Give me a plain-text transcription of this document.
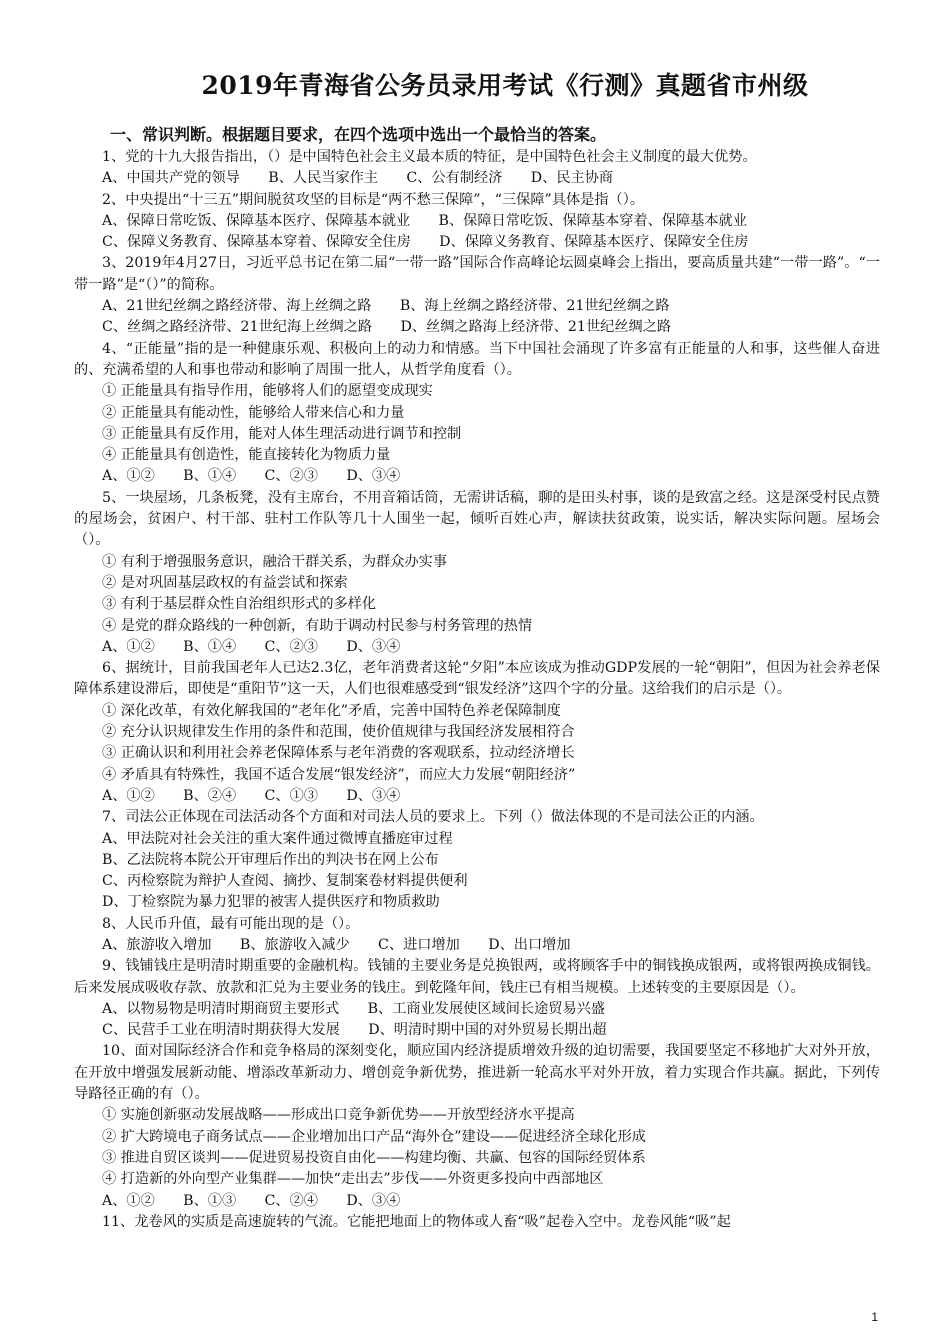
2019年青海省公务员录用考试《行测》真题省市州级
一、常识判断。根据题目要求，在四个选项中选出一个最恰当的答案。
1、党的十九大报告指出，（）是中国特色社会主义最本质的特征，是中国特色社会主义制度的最大优势。
A、中国共产党的领导　　B、人民当家作主　　C、公有制经济　　D、民主协商
2、中央提出“十三五”期间脱贫攻坚的目标是“两不愁三保障”，“三保障”具体是指（）。
A、保障日常吃饭、保障基本医疗、保障基本就业　　B、保障日常吃饭、保障基本穿着、保障基本就业
C、保障义务教育、保障基本穿着、保障安全住房　　D、保障义务教育、保障基本医疗、保障安全住房
3、2019年4月27日，习近平总书记在第二届“一带一路”国际合作高峰论坛圆桌峰会上指出，要高质量共建“一带一路”。“一带一路”是“（）”的简称。
A、21世纪丝绸之路经济带、海上丝绸之路　　B、海上丝绸之路经济带、21世纪丝绸之路
C、丝绸之路经济带、21世纪海上丝绸之路　　D、丝绸之路海上经济带、21世纪丝绸之路
4、“正能量”指的是一种健康乐观、积极向上的动力和情感。当下中国社会涌现了许多富有正能量的人和事，这些催人奋进的、充满希望的人和事也带动和影响了周围一批人，从哲学角度看（）。
① 正能量具有指导作用，能够将人们的愿望变成现实
② 正能量具有能动性，能够给人带来信心和力量
③ 正能量具有反作用，能对人体生理活动进行调节和控制
④ 正能量具有创造性，能直接转化为物质力量
A、①②　　B、①④　　C、②③　　D、③④
5、一块屋场，几条板凳，没有主席台，不用音箱话筒，无需讲话稿，聊的是田头村事，谈的是致富之经。这是深受村民点赞的屋场会，贫困户、村干部、驻村工作队等几十人围坐一起，倾听百姓心声，解读扶贫政策，说实话，解决实际问题。屋场会（）。
① 有利于增强服务意识，融洽干群关系，为群众办实事
② 是对巩固基层政权的有益尝试和探索
③ 有利于基层群众性自治组织形式的多样化
④ 是党的群众路线的一种创新，有助于调动村民参与村务管理的热情
A、①②　　B、①④　　C、②③　　D、③④
6、据统计，目前我国老年人已达2.3亿，老年消费者这轮“夕阳”本应该成为推动GDP发展的一轮“朝阳”，但因为社会养老保障体系建设滞后，即使是“重阳节”这一天，人们也很难感受到“银发经济”这四个字的分量。这给我们的启示是（）。
① 深化改革，有效化解我国的“老年化”矛盾，完善中国特色养老保障制度
② 充分认识规律发生作用的条件和范围，使价值规律与我国经济发展相符合
③ 正确认识和利用社会养老保障体系与老年消费的客观联系，拉动经济增长
④ 矛盾具有特殊性，我国不适合发展“银发经济”，而应大力发展“朝阳经济”
A、①②　　B、②④　　C、①③　　D、③④
7、司法公正体现在司法活动各个方面和对司法人员的要求上。下列（）做法体现的不是司法公正的内涵。
A、甲法院对社会关注的重大案件通过微博直播庭审过程
B、乙法院将本院公开审理后作出的判决书在网上公布
C、丙检察院为辩护人查阅、摘抄、复制案卷材料提供便利
D、丁检察院为暴力犯罪的被害人提供医疗和物质救助
8、人民币升值，最有可能出现的是（）。
A、旅游收入增加　　B、旅游收入减少　　C、进口增加　　D、出口增加
9、钱铺钱庄是明清时期重要的金融机构。钱铺的主要业务是兑换银两，或将顾客手中的铜钱换成银两，或将银两换成铜钱。后来发展成吸收存款、放款和汇兑为主要业务的钱庄。到乾隆年间，钱庄已有相当规模。上述转变的主要原因是（）。
A、以物易物是明清时期商贸主要形式　　B、工商业发展使区域间长途贸易兴盛
C、民营手工业在明清时期获得大发展　　D、明清时期中国的对外贸易长期出超
10、面对国际经济合作和竞争格局的深刻变化，顺应国内经济提质增效升级的迫切需要，我国要坚定不移地扩大对外开放，在开放中增强发展新动能、增添改革新动力、增创竞争新优势，推进新一轮高水平对外开放，着力实现合作共赢。据此，下列传导路径正确的有（）。
① 实施创新驱动发展战略——形成出口竞争新优势——开放型经济水平提高
② 扩大跨境电子商务试点——企业增加出口产品“海外仓”建设——促进经济全球化形成
③ 推进自贸区谈判——促进贸易投资自由化——构建均衡、共赢、包容的国际经贸体系
④ 打造新的外向型产业集群——加快“走出去”步伐——外资更多投向中西部地区
A、①②　　B、①③　　C、②④　　D、③④
11、龙卷风的实质是高速旋转的气流。它能把地面上的物体或人畜“吸”起卷入空中。龙卷风能“吸”起
1
